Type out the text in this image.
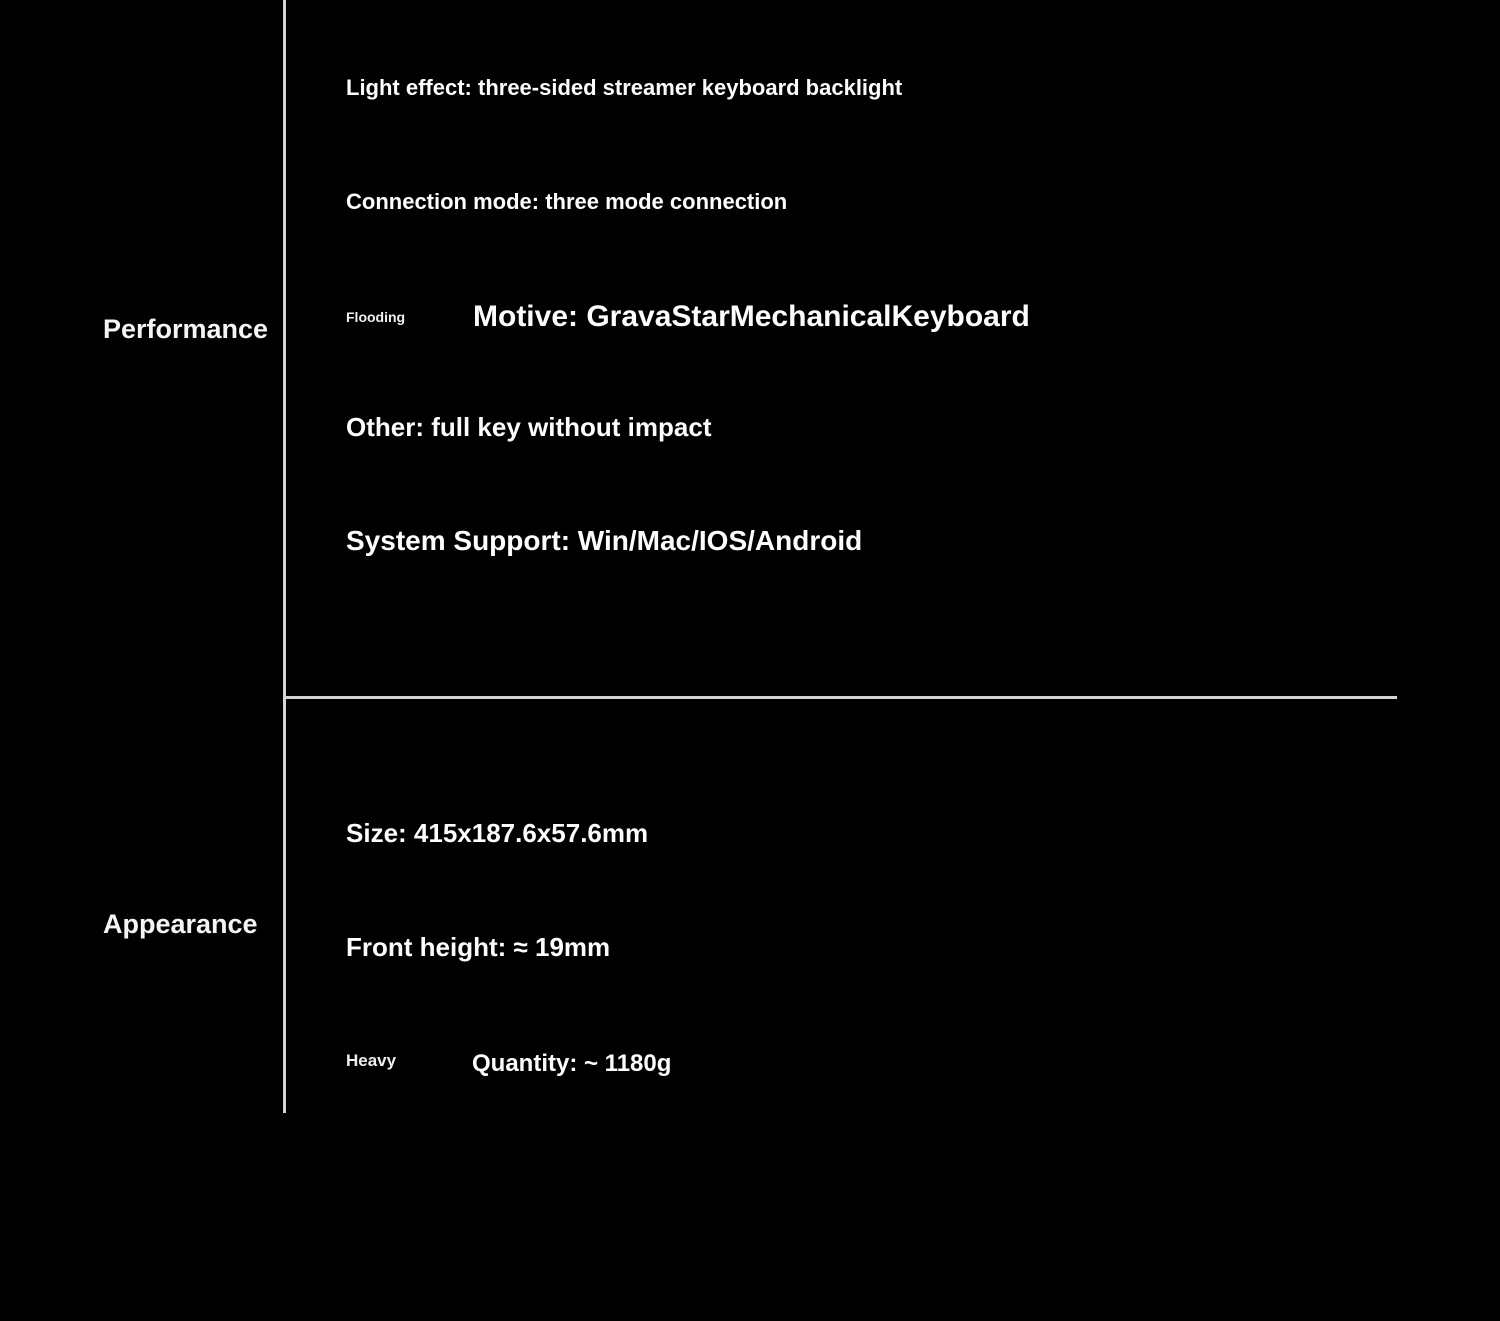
Performance
Appearance
Light effect: three-sided streamer keyboard backlight
Connection mode: three mode connection
Flooding Motive: GravaStarMechanicalKeyboard
Other: full key without impact
System Support: Win/Mac/IOS/Android
Size: 415x187.6x57.6mm
Front height: ≈ 19mm
Heavy	Quantity: ~ 1180g
